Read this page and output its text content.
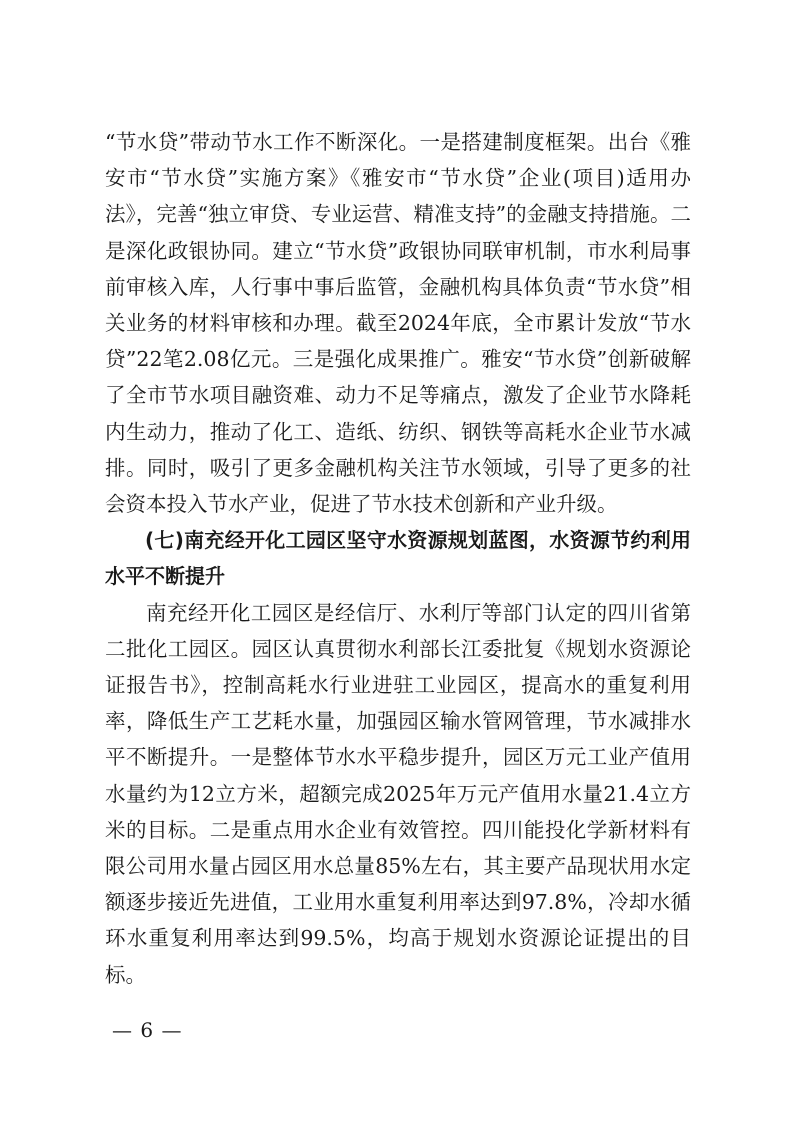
“节水贷”带动节水工作不断深化。一是搭建制度框架。出台《雅安市“节水贷”实施方案》《雅安市“节水贷”企业(项目)适用办法》，完善“独立审贷、专业运营、精准支持”的金融支持措施。二是深化政银协同。建立“节水贷”政银协同联审机制，市水利局事前审核入库，人行事中事后监管，金融机构具体负责“节水贷”相关业务的材料审核和办理。截至2024年底，全市累计发放“节水贷”22笔2.08亿元。三是强化成果推广。雅安“节水贷”创新破解了全市节水项目融资难、动力不足等痛点，激发了企业节水降耗内生动力，推动了化工、造纸、纺织、钢铁等高耗水企业节水减排。同时，吸引了更多金融机构关注节水领域，引导了更多的社会资本投入节水产业，促进了节水技术创新和产业升级。

(七)南充经开化工园区坚守水资源规划蓝图，水资源节约利用水平不断提升

南充经开化工园区是经信厅、水利厅等部门认定的四川省第二批化工园区。园区认真贯彻水利部长江委批复《规划水资源论证报告书》，控制高耗水行业进驻工业园区，提高水的重复利用率，降低生产工艺耗水量，加强园区输水管网管理，节水减排水平不断提升。一是整体节水水平稳步提升，园区万元工业产值用水量约为12立方米，超额完成2025年万元产值用水量21.4立方米的目标。二是重点用水企业有效管控。四川能投化学新材料有限公司用水量占园区用水总量85%左右，其主要产品现状用水定额逐步接近先进值，工业用水重复利用率达到97.8%，冷却水循环水重复利用率达到99.5%，均高于规划水资源论证提出的目标。

— 6 —
